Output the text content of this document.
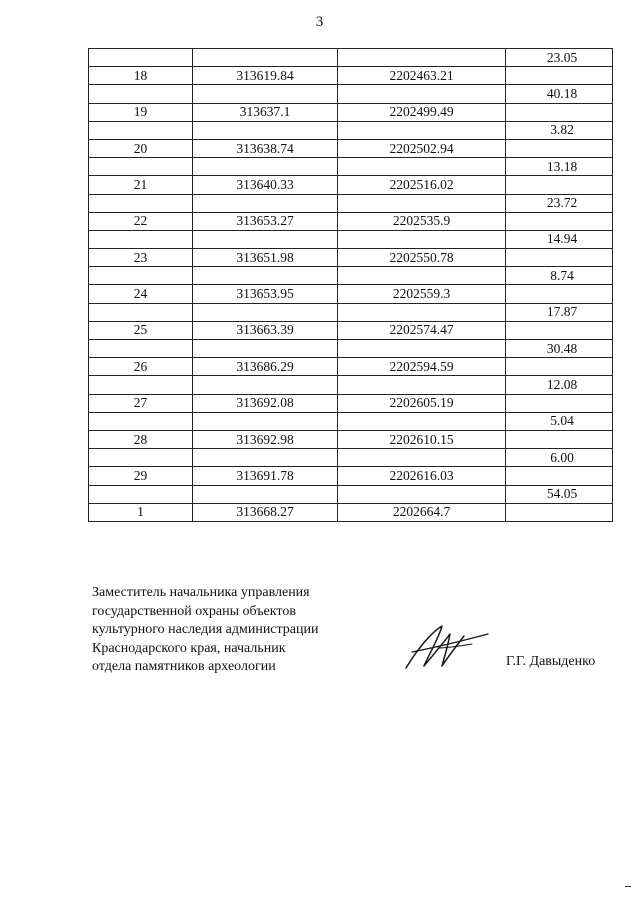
3
			23.05
18	313619.84	2202463.21	
			40.18
19	313637.1	2202499.49	
			3.82
20	313638.74	2202502.94	
			13.18
21	313640.33	2202516.02	
			23.72
22	313653.27	2202535.9	
			14.94
23	313651.98	2202550.78	
			8.74
24	313653.95	2202559.3	
			17.87
25	313663.39	2202574.47	
			30.48
26	313686.29	2202594.59	
			12.08
27	313692.08	2202605.19	
			5.04
28	313692.98	2202610.15	
			6.00
29	313691.78	2202616.03	
			54.05
1	313668.27	2202664.7	
Заместитель начальника управления
государственной охраны объектов
культурного наследия администрации
Краснодарского края, начальник
отдела памятников археологии	Г.Г. Давыденко
